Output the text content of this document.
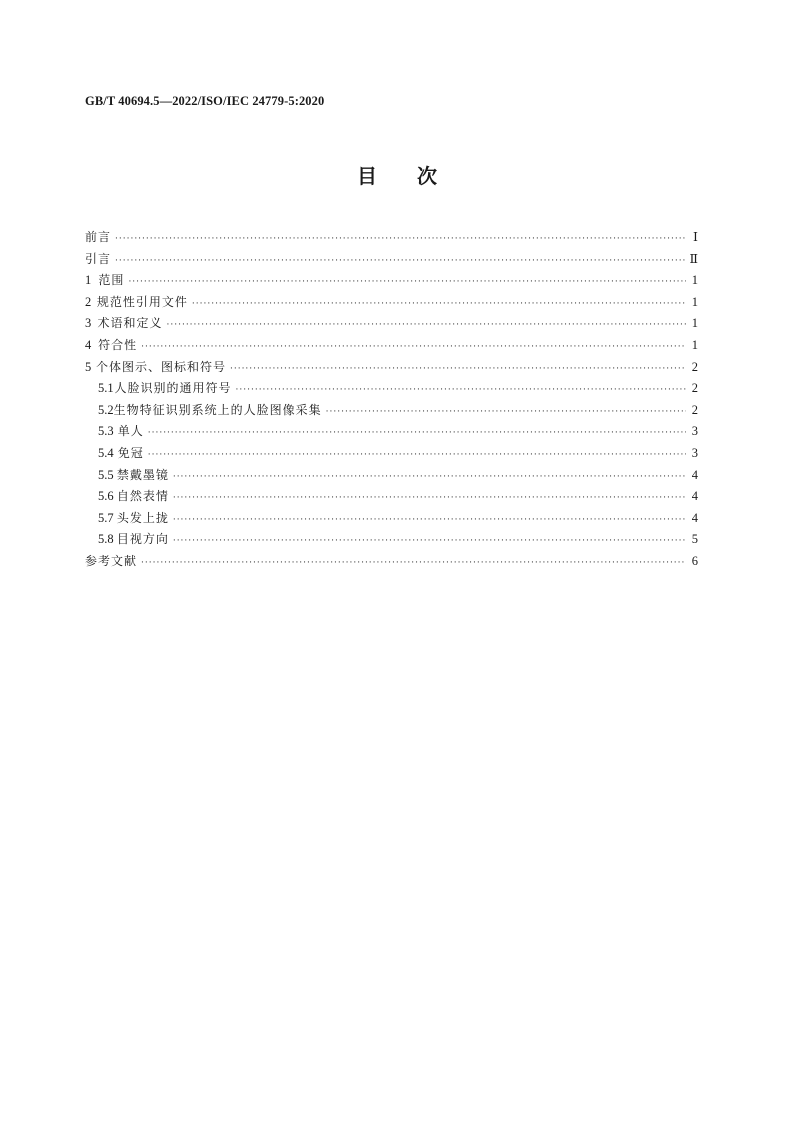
GB/T 40694.5—2022/ISO/IEC 24779-5:2020
目次
前言 ·····	Ⅰ
引言 ·····	Ⅱ
1 范围 ·····	1
2 规范性引用文件 ·····	1
3 术语和定义 ·····	1
4 符合性 ·····	1
5 个体图示、图标和符号 ·····	2
5.1 人脸识别的通用符号 ·····	2
5.2 生物特征识别系统上的人脸图像采集 ·····	2
5.3 单人 ·····	3
5.4 免冠 ·····	3
5.5 禁戴墨镜 ·····	4
5.6 自然表情 ·····	4
5.7 头发上拢 ·····	4
5.8 目视方向 ·····	5
参考文献 ·····	6
